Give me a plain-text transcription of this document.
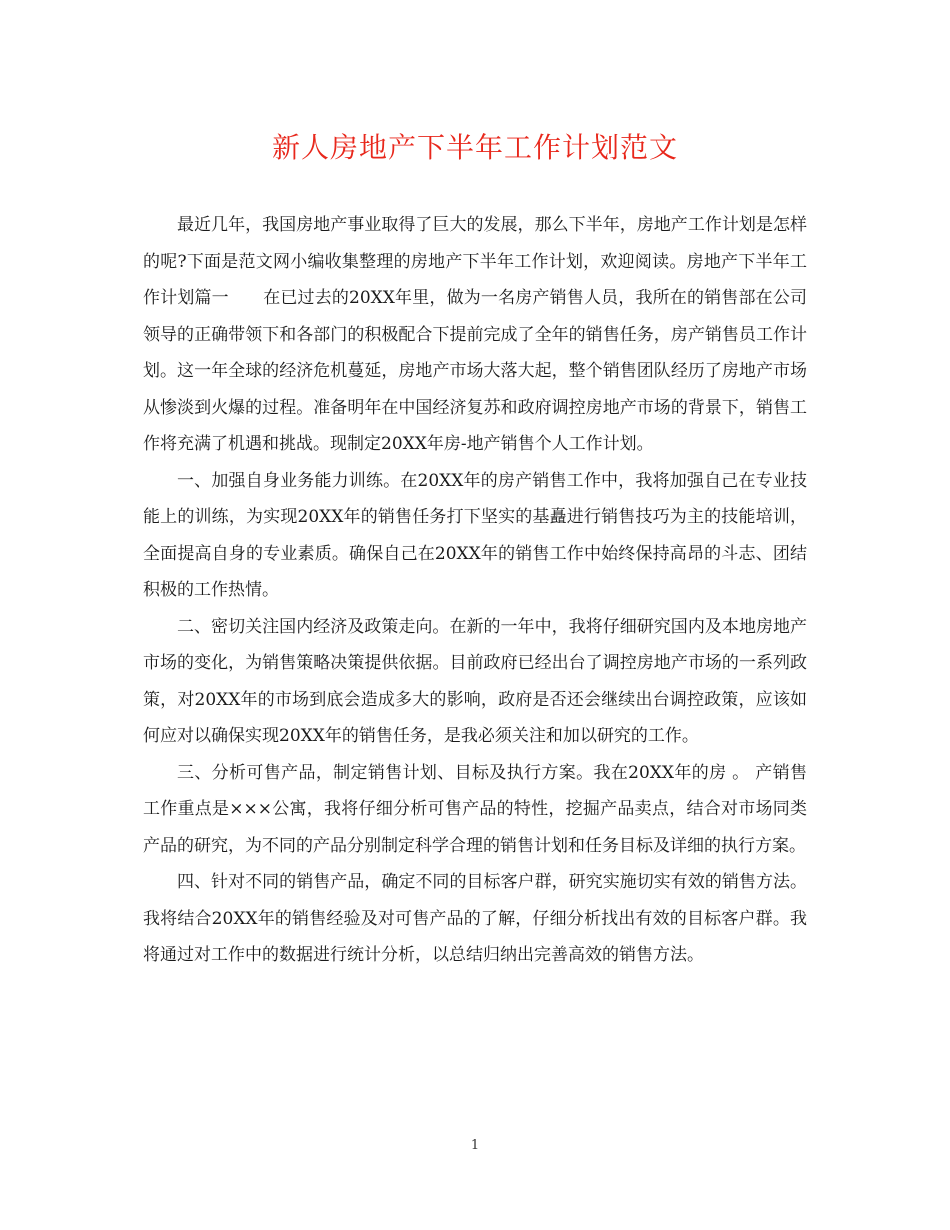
新人房地产下半年工作计划范文

最近几年，我国房地产事业取得了巨大的发展，那么下半年，房地产工作计划是怎样的呢?下面是范文网小编收集整理的房地产下半年工作计划，欢迎阅读。房地产下半年工作计划篇一　　在已过去的20XX年里，做为一名房产销售人员，我所在的销售部在公司领导的正确带领下和各部门的积极配合下提前完成了全年的销售任务，房产销售员工作计划。这一年全球的经济危机蔓延，房地产市场大落大起，整个销售团队经历了房地产市场从惨淡到火爆的过程。准备明年在中国经济复苏和政府调控房地产市场的背景下，销售工作将充满了机遇和挑战。现制定20XX年房-地产销售个人工作计划。

一、加强自身业务能力训练。在20XX年的房产销售工作中，我将加强自己在专业技能上的训练，为实现20XX年的销售任务打下坚实的基矗进行销售技巧为主的技能培训，全面提高自身的专业素质。确保自己在20XX年的销售工作中始终保持高昂的斗志、团结积极的工作热情。

二、密切关注国内经济及政策走向。在新的一年中，我将仔细研究国内及本地房地产市场的变化，为销售策略决策提供依据。目前政府已经出台了调控房地产市场的一系列政策，对20XX年的市场到底会造成多大的影响，政府是否还会继续出台调控政策，应该如何应对以确保实现20XX年的销售任务，是我必须关注和加以研究的工作。

三、分析可售产品，制定销售计划、目标及执行方案。我在20XX年的房 。 产销售工作重点是×××公寓，我将仔细分析可售产品的特性，挖掘产品卖点，结合对市场同类产品的研究，为不同的产品分别制定科学合理的销售计划和任务目标及详细的执行方案。

四、针对不同的销售产品，确定不同的目标客户群，研究实施切实有效的销售方法。我将结合20XX年的销售经验及对可售产品的了解，仔细分析找出有效的目标客户群。我将通过对工作中的数据进行统计分析，以总结归纳出完善高效的销售方法。

1
